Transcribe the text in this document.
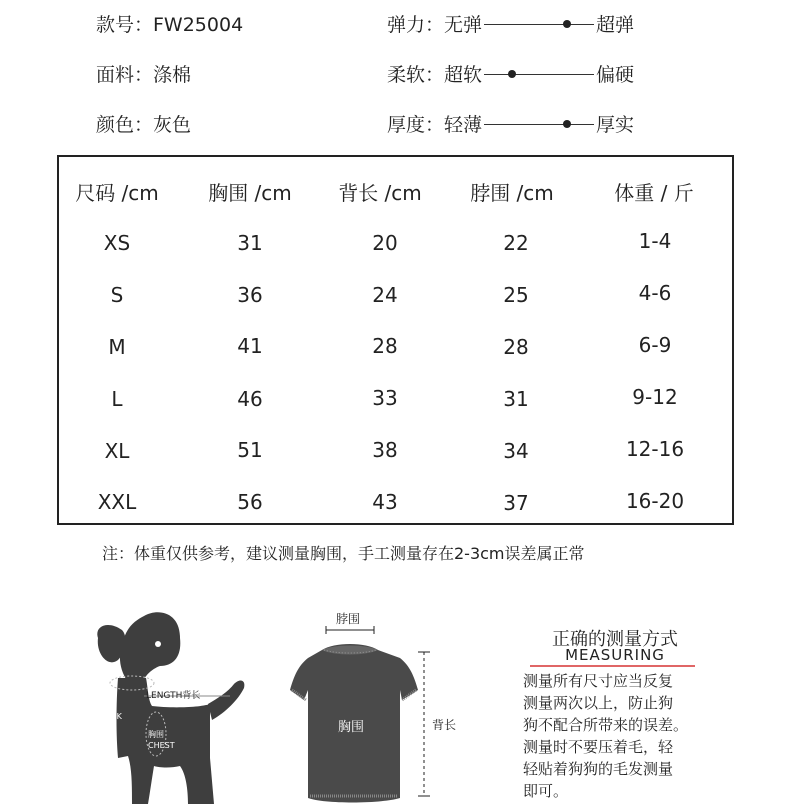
款号：FW25004
面料：涤棉
颜色：灰色
弹力： 无弹	超弹
柔软： 超软	偏硬
厚度： 轻薄	厚实
尺码 /cm	胸围 /cm	背长 /cm	脖围 /cm	体重 / 斤
XS	31	20	22	1-4
S	36	24	25	4-6
M	41	28	28	6-9
L	46	33	31	9-12
XL	51	38	34	12-16
XXL	56	43	37	16-20
注：体重仅供参考，建议测量胸围，手工测量存在2-3cm误差属正常
LENGTH背长
脖围
NECK
胸围
CHEST
脖围
胸围	背长
正确的测量方式
MEASURING
测量所有尺寸应当反复
测量两次以上，防止狗
狗不配合所带来的误差。
测量时不要压着毛，轻
轻贴着狗狗的毛发测量
即可。
